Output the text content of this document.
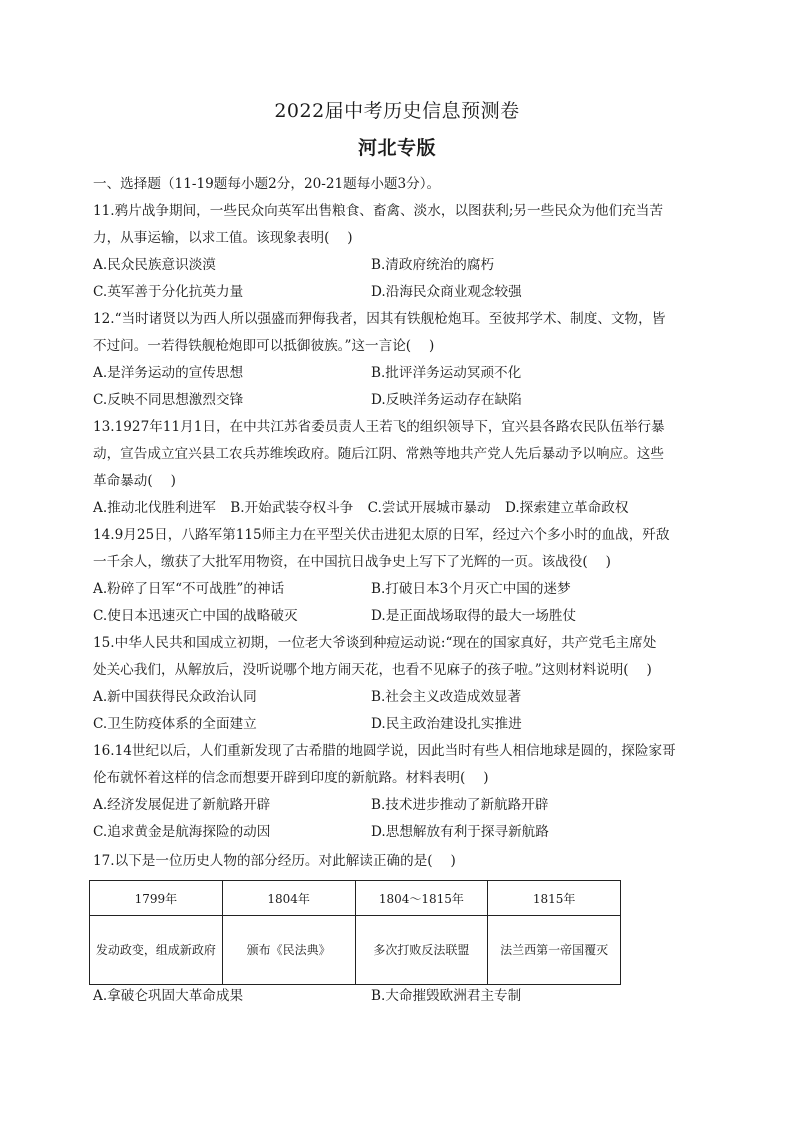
2022届中考历史信息预测卷
河北专版
一、选择题（11-19题每小题2分，20-21题每小题3分）。
11.鸦片战争期间，一些民众向英军出售粮食、畜禽、淡水，以图获利;另一些民众为他们充当苦
力，从事运输，以求工值。该现象表明(　 )
A.民众民族意识淡漠	B.清政府统治的腐朽
C.英军善于分化抗英力量	D.沿海民众商业观念较强
12.“当时诸贤以为西人所以强盛而狎侮我者，因其有铁舰枪炮耳。至彼邦学术、制度、文物，皆
不过问。一若得铁舰枪炮即可以抵御彼族。”这一言论(　 )
A.是洋务运动的宣传思想	B.批评洋务运动冥顽不化
C.反映不同思想激烈交锋	D.反映洋务运动存在缺陷
13.1927年11月1日，在中共江苏省委员责人王若飞的组织领导下，宜兴县各路农民队伍举行暴
动，宣告成立宜兴县工农兵苏维埃政府。随后江阴、常熟等地共产党人先后暴动予以响应。这些
革命暴动(　 )
A.推动北伐胜利进军 B.开始武装夺权斗争 C.尝试开展城市暴动 D.探索建立革命政权
14.9月25日，八路军第115师主力在平型关伏击进犯太原的日军，经过六个多小时的血战，歼敌
一千余人，缴获了大批军用物资，在中国抗日战争史上写下了光辉的一页。该战役(　 )
A.粉碎了日军“不可战胜”的神话	B.打破日本3个月灭亡中国的迷梦
C.使日本迅速灭亡中国的战略破灭	D.是正面战场取得的最大一场胜仗
15.中华人民共和国成立初期，一位老大爷谈到种痘运动说:“现在的国家真好，共产党毛主席处
处关心我们，从解放后，没听说哪个地方闹天花，也看不见麻子的孩子啦。”这则材料说明(　 )
A.新中国获得民众政治认同	B.社会主义改造成效显著
C.卫生防疫体系的全面建立	D.民主政治建设扎实推进
16.14世纪以后，人们重新发现了古希腊的地圆学说，因此当时有些人相信地球是圆的，探险家哥
伦布就怀着这样的信念而想要开辟到印度的新航路。材料表明(　 )
A.经济发展促进了新航路开辟	B.技术进步推动了新航路开辟
C.追求黄金是航海探险的动因	D.思想解放有利于探寻新航路
17.以下是一位历史人物的部分经历。对此解读正确的是(　 )
1799年	1804年	1804～1815年	1815年
发动政变，组成新政府	颁布《民法典》	多次打败反法联盟	法兰西第一帝国覆灭
A.拿破仑巩固大革命成果	B.大命摧毁欧洲君主专制
